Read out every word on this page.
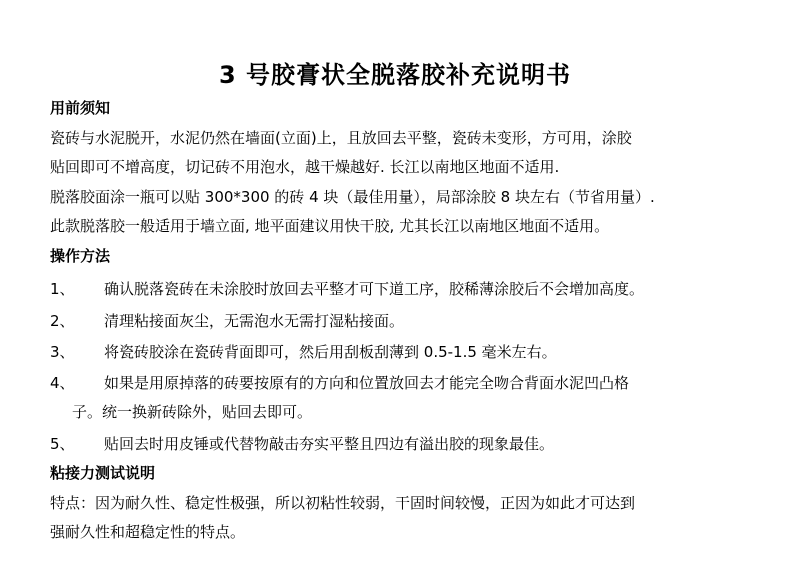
3 号胶膏状全脱落胶补充说明书
用前须知
瓷砖与水泥脱开，水泥仍然在墙面(立面)上，且放回去平整，瓷砖未变形，方可用，涂胶
贴回即可不增高度，切记砖不用泡水，越干燥越好. 长江以南地区地面不适用.
脱落胶面涂一瓶可以贴 300*300 的砖 4 块（最佳用量），局部涂胶 8 块左右（节省用量）.
此款脱落胶一般适用于墙立面, 地平面建议用快干胶, 尤其长江以南地区地面不适用。
操作方法
1、 确认脱落瓷砖在未涂胶时放回去平整才可下道工序，胶稀薄涂胶后不会增加高度。
2、 清理粘接面灰尘，无需泡水无需打湿粘接面。
3、 将瓷砖胶涂在瓷砖背面即可，然后用刮板刮薄到 0.5-1.5 毫米左右。
4、 如果是用原掉落的砖要按原有的方向和位置放回去才能完全吻合背面水泥凹凸格
子。统一换新砖除外，贴回去即可。
5、 贴回去时用皮锤或代替物敲击夯实平整且四边有溢出胶的现象最佳。
粘接力测试说明
特点：因为耐久性、稳定性极强，所以初粘性较弱，干固时间较慢，正因为如此才可达到
强耐久性和超稳定性的特点。
